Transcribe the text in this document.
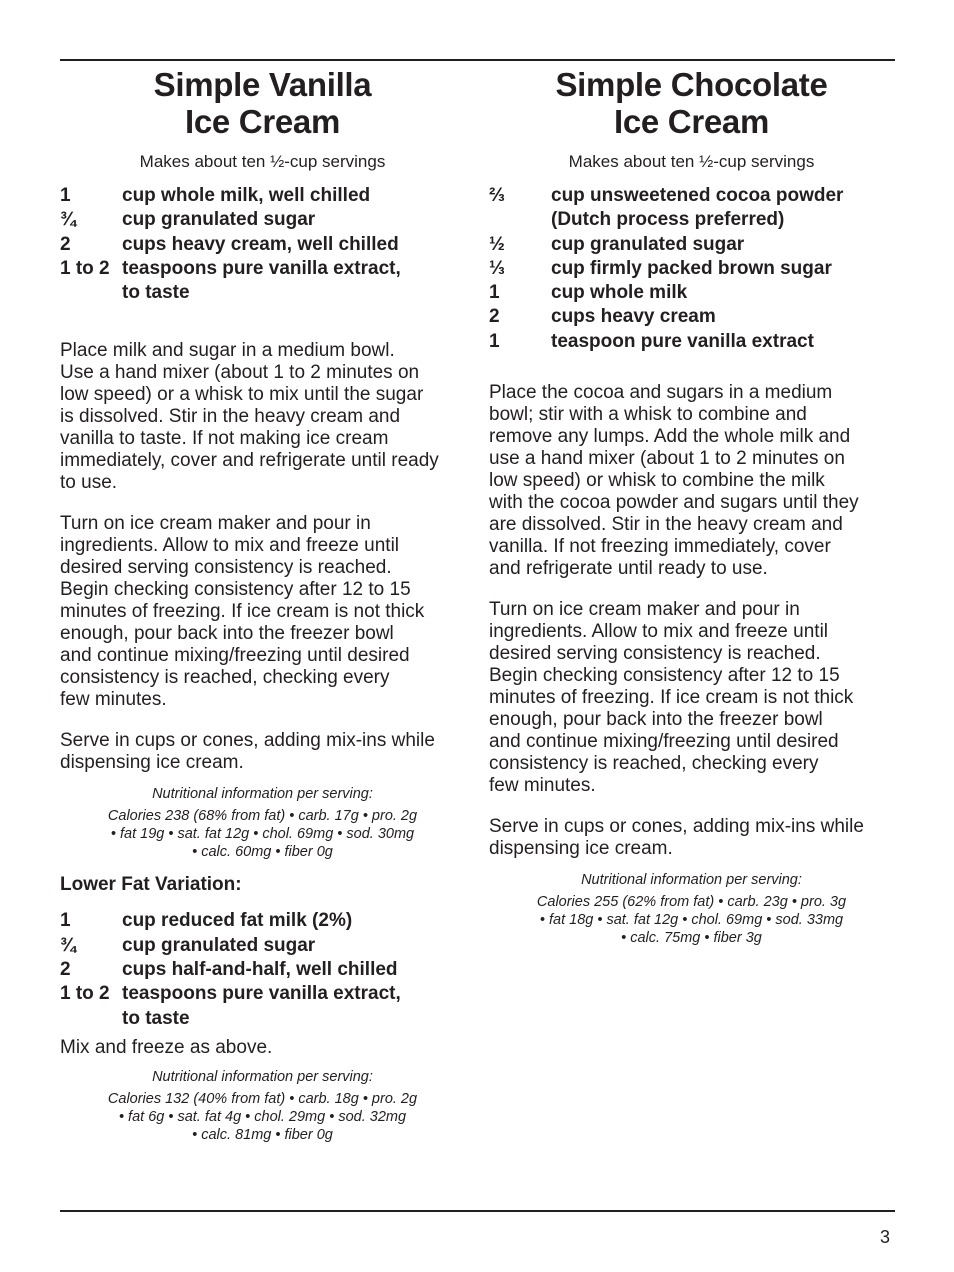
Simple Vanilla
Ice Cream
Makes about ten ½-cup servings
1	cup whole milk, well chilled
¾	cup granulated sugar
2	cups heavy cream, well chilled
1 to 2 teaspoons pure vanilla extract,
to taste

Place milk and sugar in a medium bowl.
Use a hand mixer (about 1 to 2 minutes on
low speed) or a whisk to mix until the sugar
is dissolved. Stir in the heavy cream and
vanilla to taste. If not making ice cream
immediately, cover and refrigerate until ready
to use.

Turn on ice cream maker and pour in
ingredients. Allow to mix and freeze until
desired serving consistency is reached.
Begin checking consistency after 12 to 15
minutes of freezing. If ice cream is not thick
enough, pour back into the freezer bowl
and continue mixing/freezing until desired
consistency is reached, checking every
few minutes.

Serve in cups or cones, adding mix-ins while
dispensing ice cream.

Nutritional information per serving:
Calories 238 (68% from fat) • carb. 17g • pro. 2g
• fat 19g • sat. fat 12g • chol. 69mg • sod. 30mg
• calc. 60mg • fiber 0g
Lower Fat Variation:
1	cup reduced fat milk (2%)
¾	cup granulated sugar
2	cups half-and-half, well chilled
1 to 2 teaspoons pure vanilla extract,
to taste

Mix and freeze as above.

Nutritional information per serving:
Calories 132 (40% from fat) • carb. 18g • pro. 2g
• fat 6g • sat. fat 4g • chol. 29mg • sod. 32mg
• calc. 81mg • fiber 0g
Simple Chocolate
Ice Cream
Makes about ten ½-cup servings
⅔	cup unsweetened cocoa powder
(Dutch process preferred)
½	cup granulated sugar
⅓	cup firmly packed brown sugar
1	cup whole milk
2	cups heavy cream
1	teaspoon pure vanilla extract

Place the cocoa and sugars in a medium
bowl; stir with a whisk to combine and
remove any lumps. Add the whole milk and
use a hand mixer (about 1 to 2 minutes on
low speed) or whisk to combine the milk
with the cocoa powder and sugars until they
are dissolved. Stir in the heavy cream and
vanilla. If not freezing immediately, cover
and refrigerate until ready to use.

Turn on ice cream maker and pour in
ingredients. Allow to mix and freeze until
desired serving consistency is reached.
Begin checking consistency after 12 to 15
minutes of freezing. If ice cream is not thick
enough, pour back into the freezer bowl
and continue mixing/freezing until desired
consistency is reached, checking every
few minutes.

Serve in cups or cones, adding mix-ins while
dispensing ice cream.

Nutritional information per serving:
Calories 255 (62% from fat) • carb. 23g • pro. 3g
• fat 18g • sat. fat 12g • chol. 69mg • sod. 33mg
• calc. 75mg • fiber 3g
3
